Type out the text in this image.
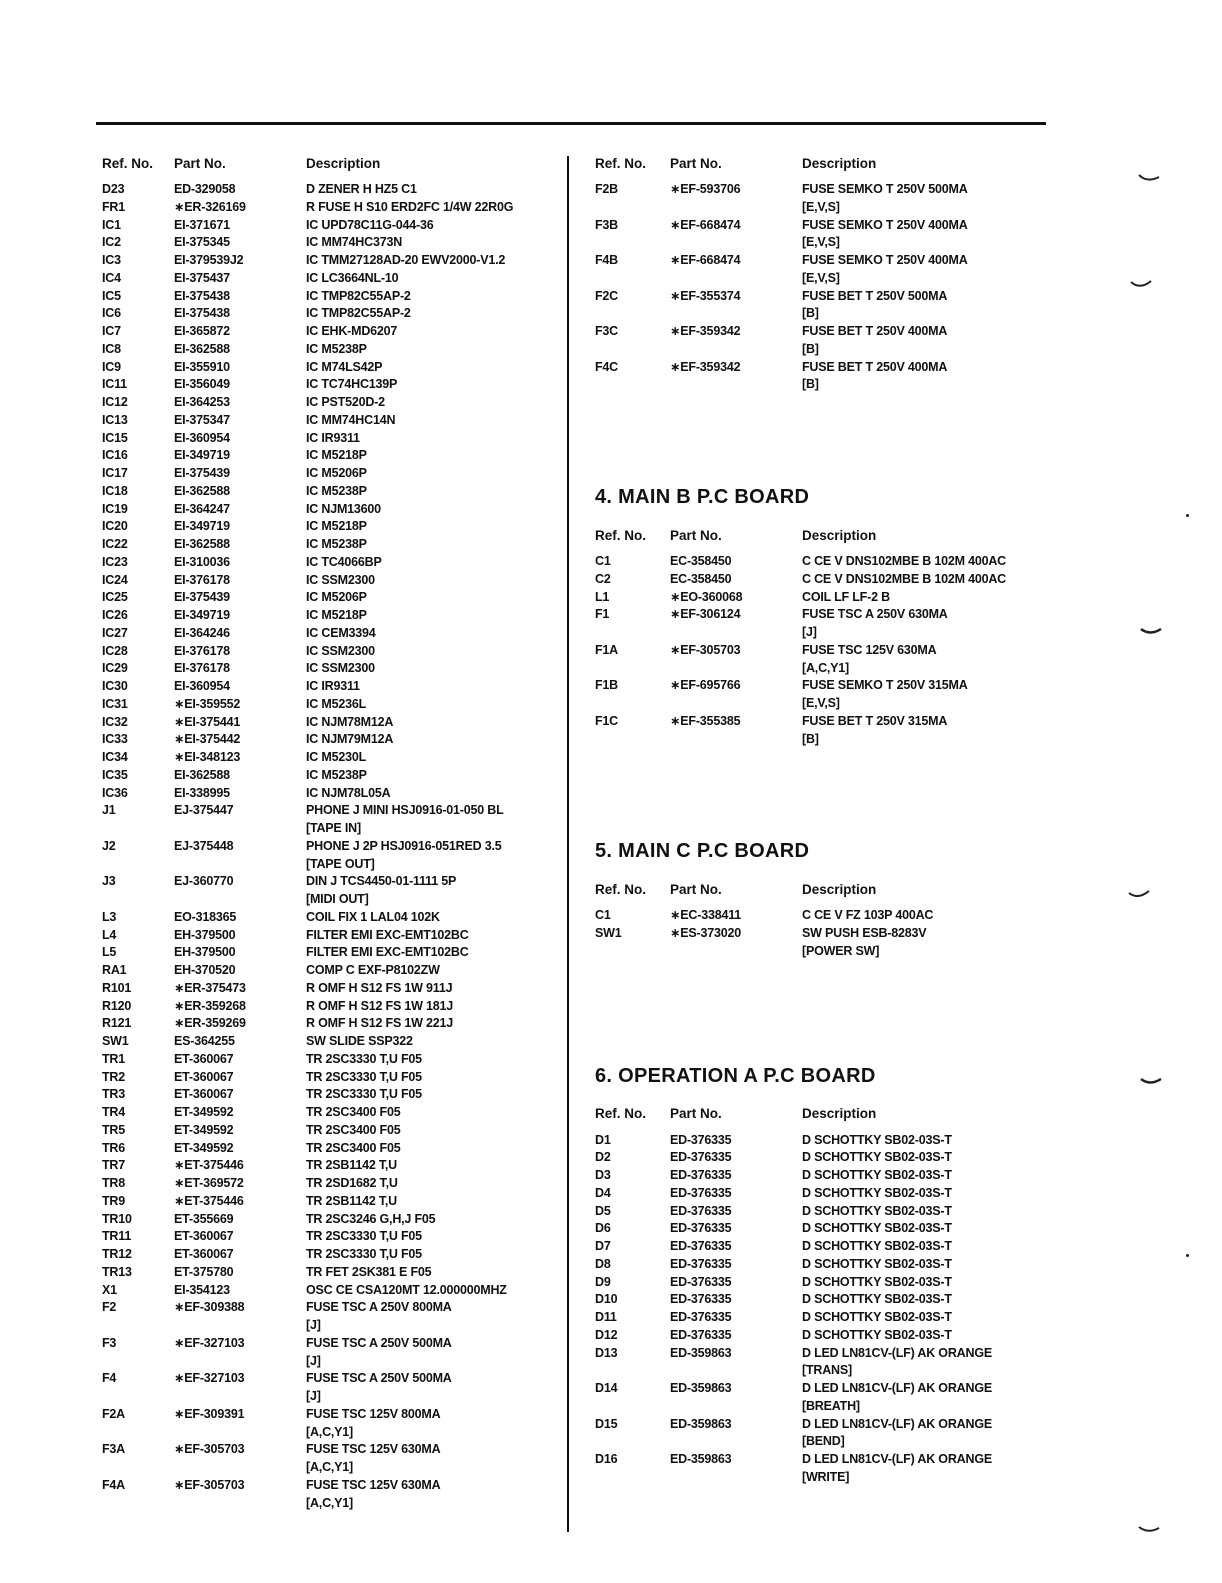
Ref. No.	Part No.	Description
D23	ED-329058	D ZENER H HZ5 C1
FR1	∗ER-326169	R FUSE H S10 ERD2FC 1/4W 22R0G
IC1	EI-371671	IC UPD78C11G-044-36
IC2	EI-375345	IC MM74HC373N
IC3	EI-379539J2	IC TMM27128AD-20 EWV2000-V1.2
IC4	EI-375437	IC LC3664NL-10
IC5	EI-375438	IC TMP82C55AP-2
IC6	EI-375438	IC TMP82C55AP-2
IC7	EI-365872	IC EHK-MD6207
IC8	EI-362588	IC M5238P
IC9	EI-355910	IC M74LS42P
IC11	EI-356049	IC TC74HC139P
IC12	EI-364253	IC PST520D-2
IC13	EI-375347	IC MM74HC14N
IC15	EI-360954	IC IR9311
IC16	EI-349719	IC M5218P
IC17	EI-375439	IC M5206P
IC18	EI-362588	IC M5238P
IC19	EI-364247	IC NJM13600
IC20	EI-349719	IC M5218P
IC22	EI-362588	IC M5238P
IC23	EI-310036	IC TC4066BP
IC24	EI-376178	IC SSM2300
IC25	EI-375439	IC M5206P
IC26	EI-349719	IC M5218P
IC27	EI-364246	IC CEM3394
IC28	EI-376178	IC SSM2300
IC29	EI-376178	IC SSM2300
IC30	EI-360954	IC IR9311
IC31	∗EI-359552	IC M5236L
IC32	∗EI-375441	IC NJM78M12A
IC33	∗EI-375442	IC NJM79M12A
IC34	∗EI-348123	IC M5230L
IC35	EI-362588	IC M5238P
IC36	EI-338995	IC NJM78L05A
J1	EJ-375447	PHONE J MINI HSJ0916-01-050 BL
[TAPE IN]
J2	EJ-375448	PHONE J 2P HSJ0916-051RED 3.5
[TAPE OUT]
J3	EJ-360770	DIN J TCS4450-01-1111 5P
[MIDI OUT]
L3	EO-318365	COIL FIX 1 LAL04 102K
L4	EH-379500	FILTER EMI EXC-EMT102BC
L5	EH-379500	FILTER EMI EXC-EMT102BC
RA1	EH-370520	COMP C EXF-P8102ZW
R101	∗ER-375473	R OMF H S12 FS 1W 911J
R120	∗ER-359268	R OMF H S12 FS 1W 181J
R121	∗ER-359269	R OMF H S12 FS 1W 221J
SW1	ES-364255	SW SLIDE SSP322
TR1	ET-360067	TR 2SC3330 T,U F05
TR2	ET-360067	TR 2SC3330 T,U F05
TR3	ET-360067	TR 2SC3330 T,U F05
TR4	ET-349592	TR 2SC3400 F05
TR5	ET-349592	TR 2SC3400 F05
TR6	ET-349592	TR 2SC3400 F05
TR7	∗ET-375446	TR 2SB1142 T,U
TR8	∗ET-369572	TR 2SD1682 T,U
TR9	∗ET-375446	TR 2SB1142 T,U
TR10	ET-355669	TR 2SC3246 G,H,J F05
TR11	ET-360067	TR 2SC3330 T,U F05
TR12	ET-360067	TR 2SC3330 T,U F05
TR13	ET-375780	TR FET 2SK381 E F05
X1	EI-354123	OSC CE CSA120MT 12.000000MHZ
F2	∗EF-309388	FUSE TSC A 250V 800MA
[J]
F3	∗EF-327103	FUSE TSC A 250V 500MA
[J]
F4	∗EF-327103	FUSE TSC A 250V 500MA
[J]
F2A	∗EF-309391	FUSE TSC 125V 800MA
[A,C,Y1]
F3A	∗EF-305703	FUSE TSC 125V 630MA
[A,C,Y1]
F4A	∗EF-305703	FUSE TSC 125V 630MA
[A,C,Y1]
Ref. No.	Part No.	Description
F2B	∗EF-593706	FUSE SEMKO T 250V 500MA
[E,V,S]
F3B	∗EF-668474	FUSE SEMKO T 250V 400MA
[E,V,S]
F4B	∗EF-668474	FUSE SEMKO T 250V 400MA
[E,V,S]
F2C	∗EF-355374	FUSE BET T 250V 500MA
[B]
F3C	∗EF-359342	FUSE BET T 250V 400MA
[B]
F4C	∗EF-359342	FUSE BET T 250V 400MA
[B]
4. MAIN B P.C BOARD
Ref. No.	Part No.	Description
C1	EC-358450	C CE V DNS102MBE B 102M 400AC
C2	EC-358450	C CE V DNS102MBE B 102M 400AC
L1	∗EO-360068	COIL LF LF-2 B
F1	∗EF-306124	FUSE TSC A 250V 630MA
[J]
F1A	∗EF-305703	FUSE TSC 125V 630MA
[A,C,Y1]
F1B	∗EF-695766	FUSE SEMKO T 250V 315MA
[E,V,S]
F1C	∗EF-355385	FUSE BET T 250V 315MA
[B]
5. MAIN C P.C BOARD
Ref. No.	Part No.	Description
C1	∗EC-338411	C CE V FZ 103P 400AC
SW1	∗ES-373020	SW PUSH ESB-8283V
[POWER SW]
6. OPERATION A P.C BOARD
Ref. No.	Part No.	Description
D1	ED-376335	D SCHOTTKY SB02-03S-T
D2	ED-376335	D SCHOTTKY SB02-03S-T
D3	ED-376335	D SCHOTTKY SB02-03S-T
D4	ED-376335	D SCHOTTKY SB02-03S-T
D5	ED-376335	D SCHOTTKY SB02-03S-T
D6	ED-376335	D SCHOTTKY SB02-03S-T
D7	ED-376335	D SCHOTTKY SB02-03S-T
D8	ED-376335	D SCHOTTKY SB02-03S-T
D9	ED-376335	D SCHOTTKY SB02-03S-T
D10	ED-376335	D SCHOTTKY SB02-03S-T
D11	ED-376335	D SCHOTTKY SB02-03S-T
D12	ED-376335	D SCHOTTKY SB02-03S-T
D13	ED-359863	D LED LN81CV-(LF) AK ORANGE
[TRANS]
D14	ED-359863	D LED LN81CV-(LF) AK ORANGE
[BREATH]
D15	ED-359863	D LED LN81CV-(LF) AK ORANGE
[BEND]
D16	ED-359863	D LED LN81CV-(LF) AK ORANGE
[WRITE]
